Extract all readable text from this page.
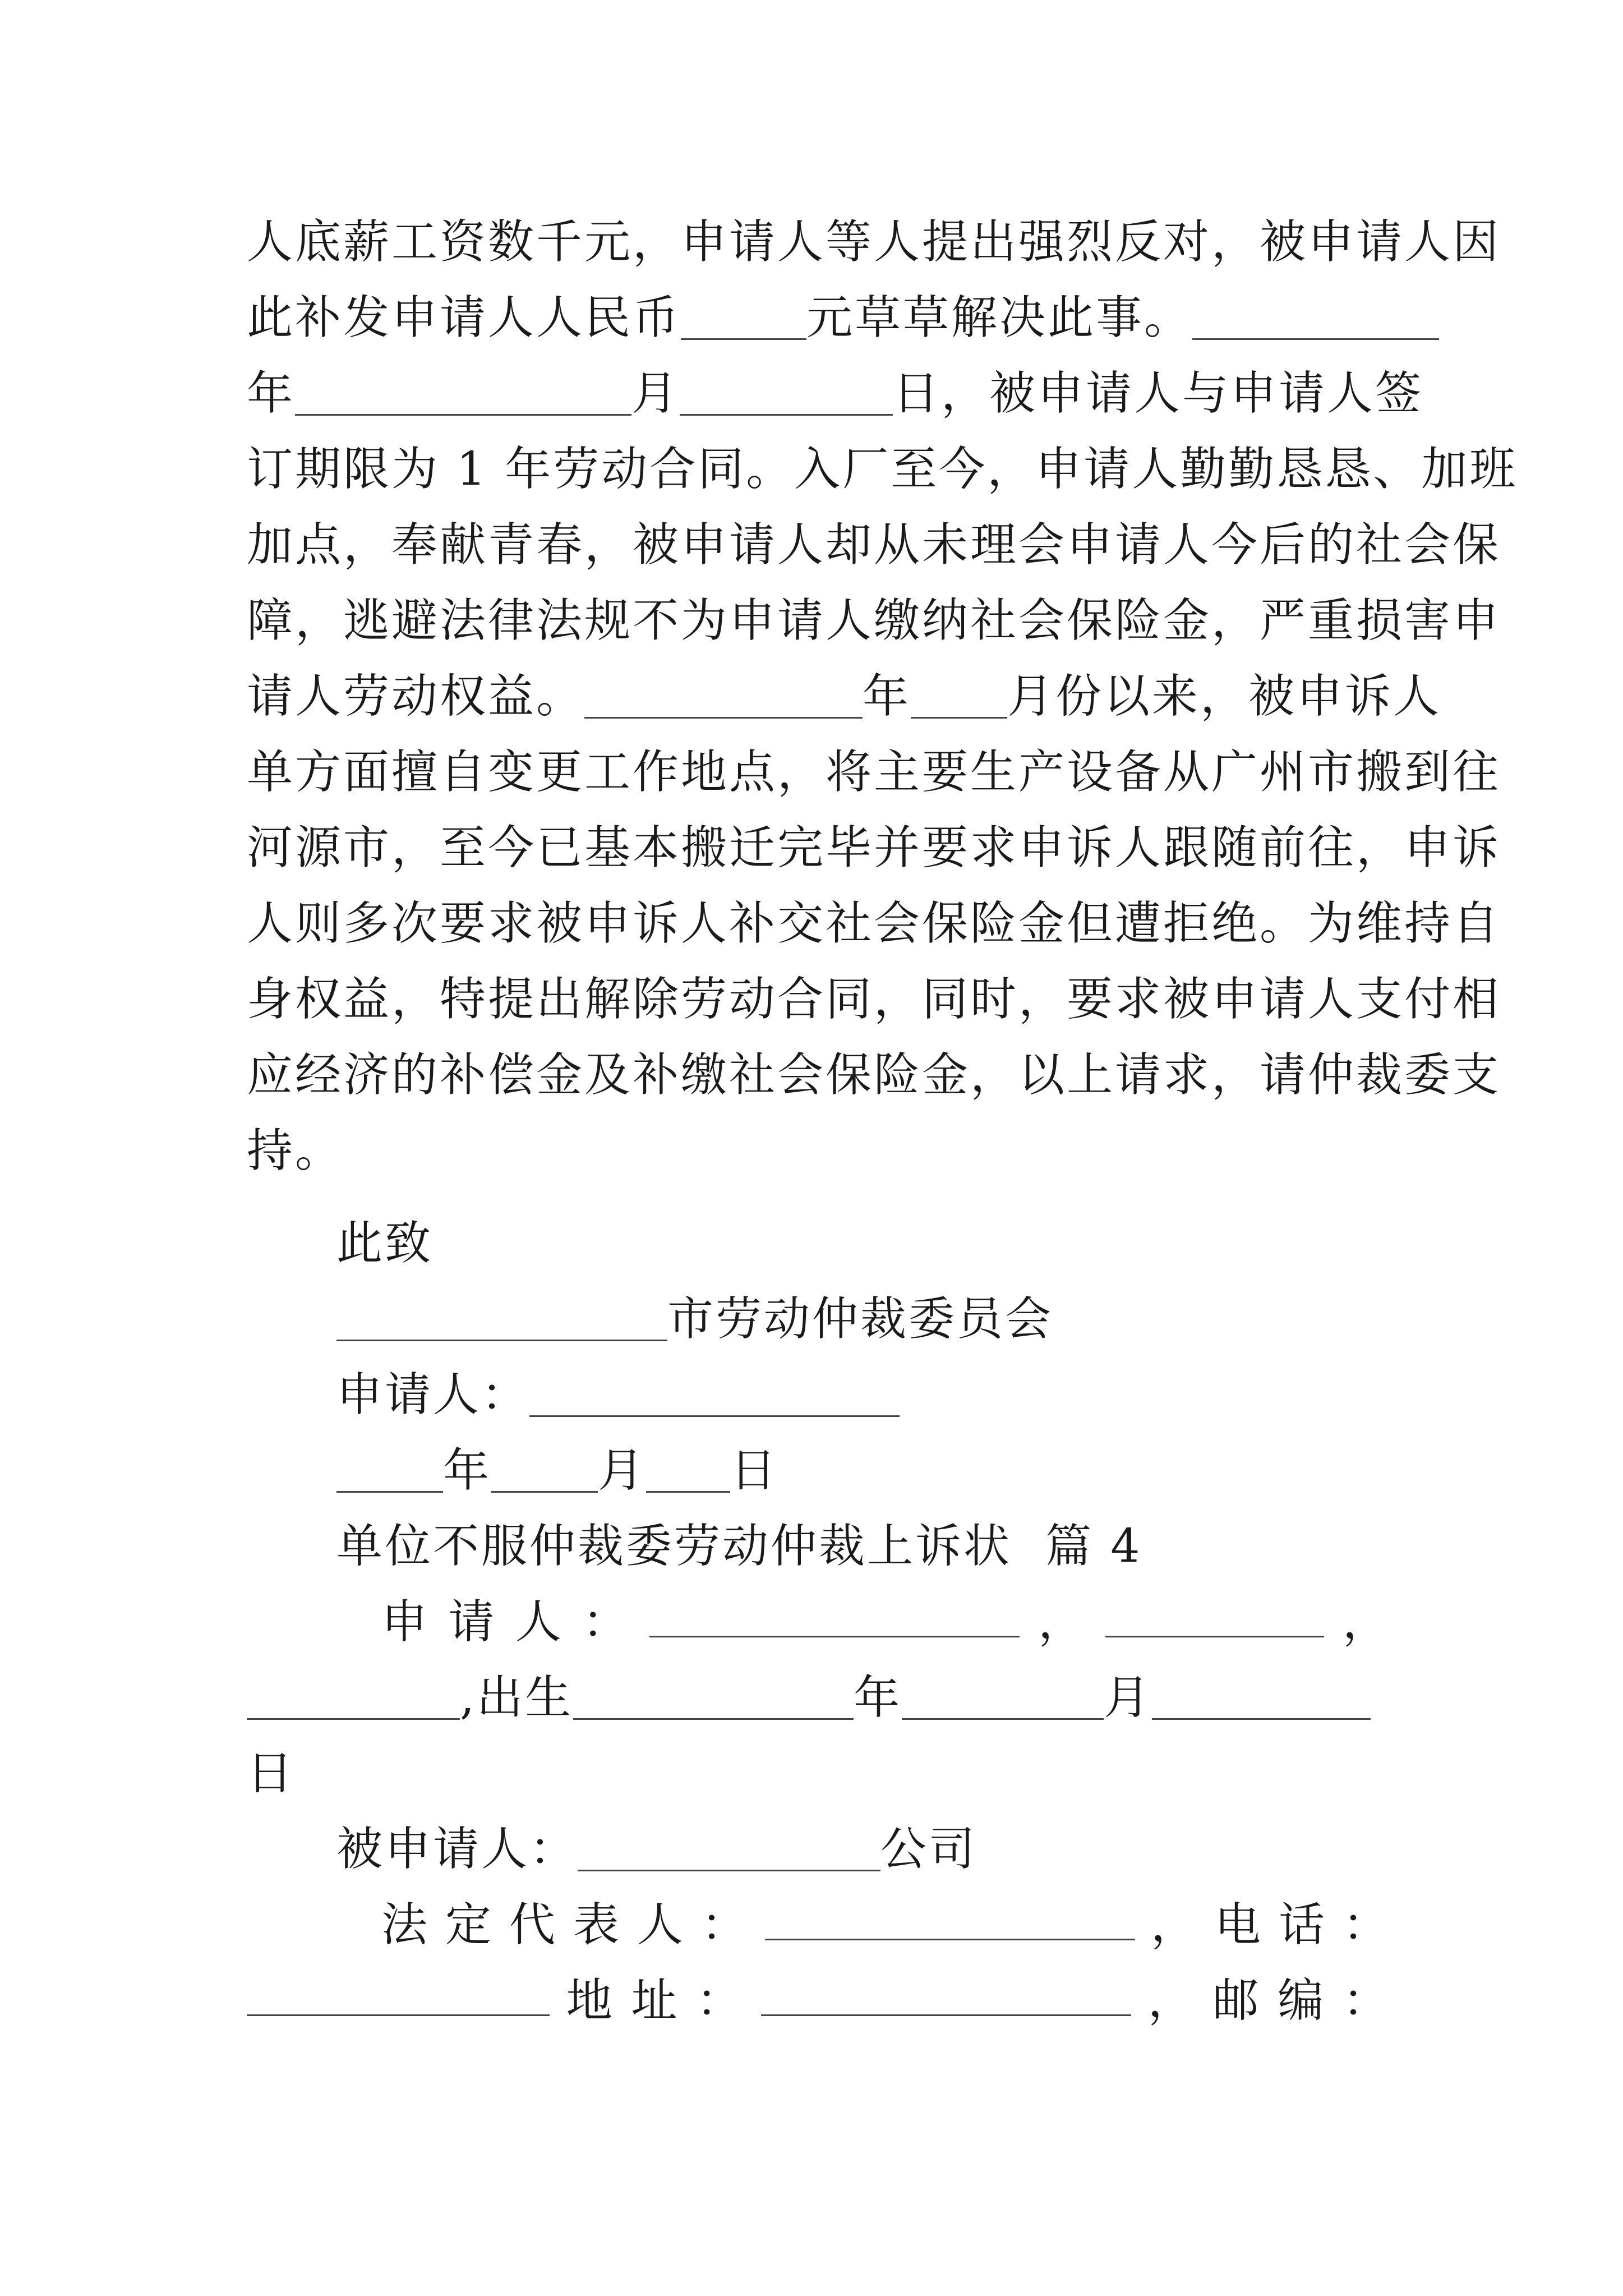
人底薪工资数千元，申请人等人提出强烈反对，被申请人因
此补发申请人人民币	元草草解决此事。
年	月	日，被申请人与申请人签
订期限为 1 年劳动合同。入厂至今，申请人勤勤恳恳、加班
加点，奉献青春，被申请人却从未理会申请人今后的社会保
障，逃避法律法规不为申请人缴纳社会保险金，严重损害申
请人劳动权益。	年 月份以来，被申诉人
单方面擅自变更工作地点，将主要生产设备从广州市搬到往
河源市，至今已基本搬迁完毕并要求申诉人跟随前往，申诉
人则多次要求被申诉人补交社会保险金但遭拒绝。为维持自
身权益，特提出解除劳动合同，同时，要求被申请人支付相
应经济的补偿金及补缴社会保险金，以上请求，请仲裁委支
持。
此致
市劳动仲裁委员会
申请人：
年 月 日
单位不服仲裁委劳动仲裁上诉状  篇 4
申 请 人 ：	，	，
,出生	年	月
日
被申请人：	公司
法 定 代 表 人 ：	， 电 话 ：
地 址 ：	， 邮 编 ：
